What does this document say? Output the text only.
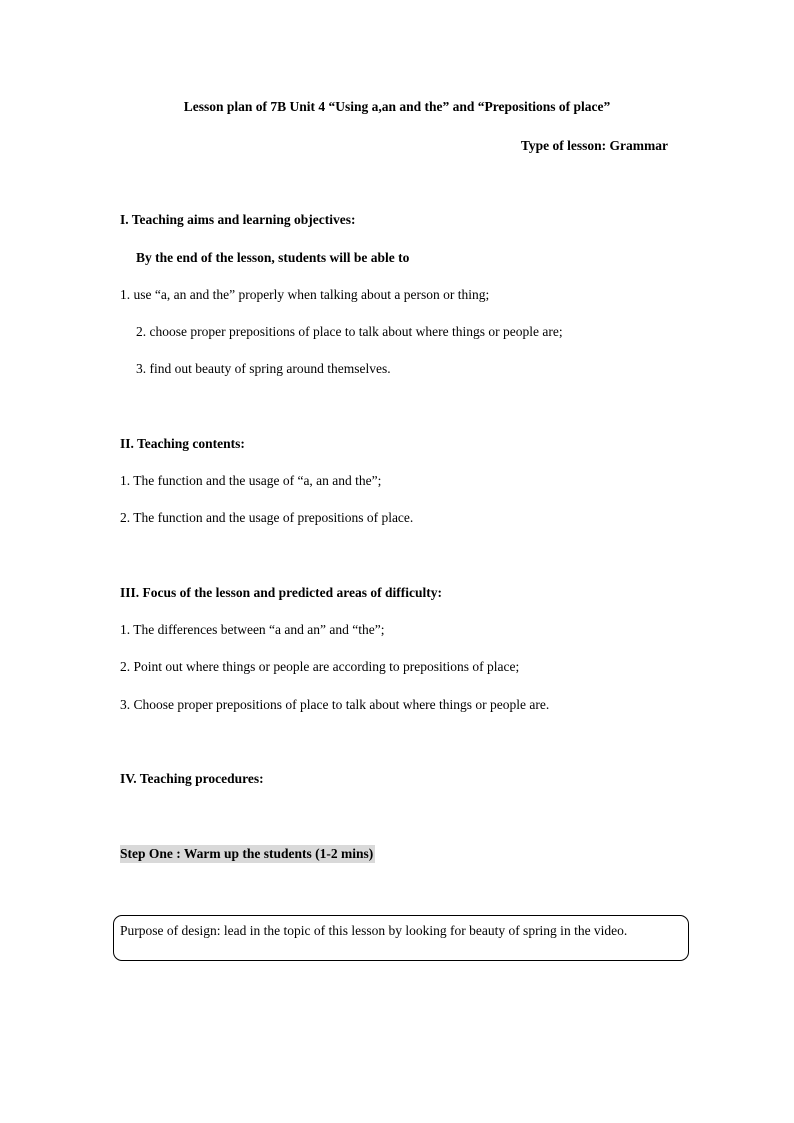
Lesson plan of 7B Unit 4 “Using a,an and the” and “Prepositions of place”
Type of lesson: Grammar
I. Teaching aims and learning objectives:
By the end of the lesson, students will be able to
1. use “a, an and the” properly when talking about a person or thing;
2. choose proper prepositions of place to talk about where things or people are;
3. find out beauty of spring around themselves.
II. Teaching contents:
1. The function and the usage of “a, an and the”;
2. The function and the usage of prepositions of place.
III. Focus of the lesson and predicted areas of difficulty:
1. The differences between “a and an” and “the”;
2. Point out where things or people are according to prepositions of place;
3. Choose proper prepositions of place to talk about where things or people are.
IV. Teaching procedures:
Step One : Warm up the students (1-2 mins)
Purpose of design: lead in the topic of this lesson by looking for beauty of spring in the video.
